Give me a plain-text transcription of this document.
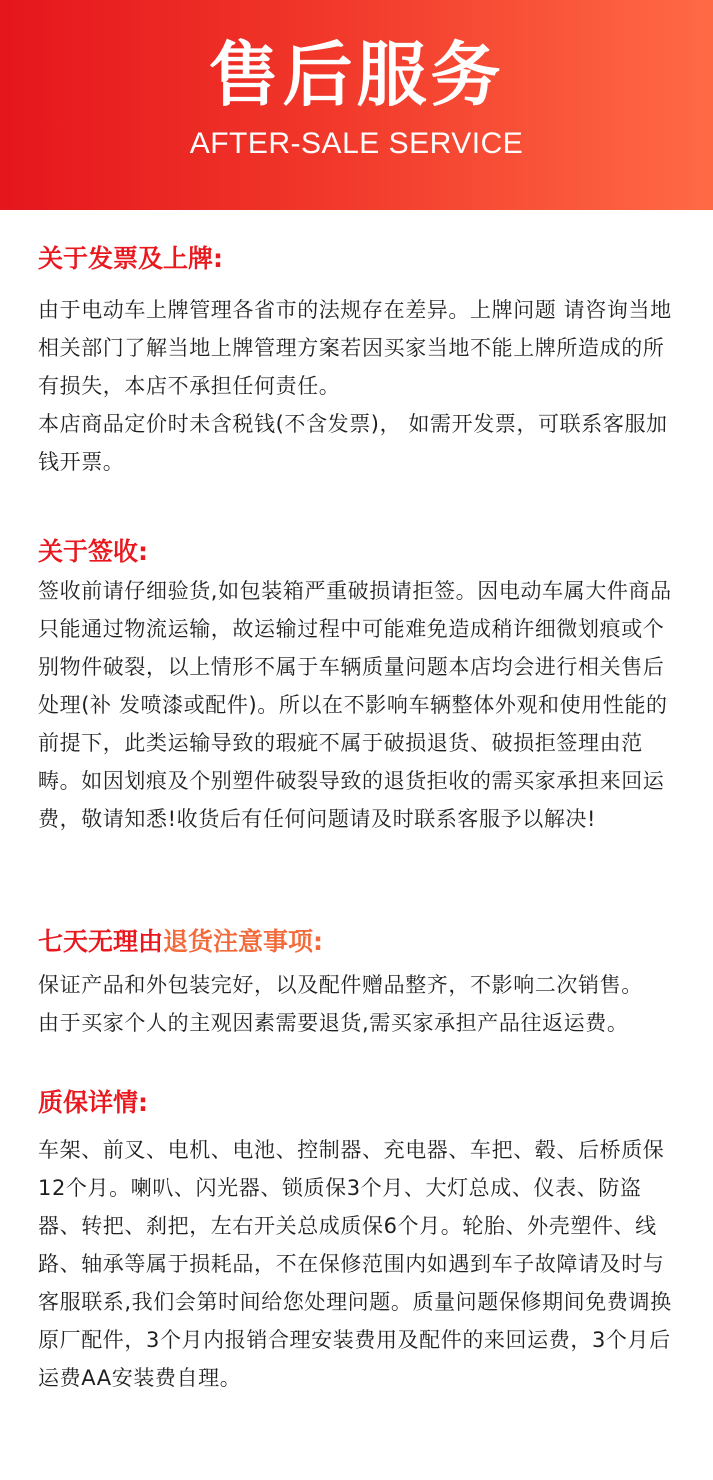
售后服务
AFTER-SALE SERVICE
关于发票及上牌:

由于电动车上牌管理各省市的法规存在差异。上牌问题 请咨询当地相关部门了解当地上牌管理方案若因买家当地不能上牌所造成的所有损失，本店不承担任何责任。

本店商品定价时未含税钱(不含发票)， 如需开发票，可联系客服加钱开票。

关于签收:

签收前请仔细验货,如包装箱严重破损请拒签。因电动车属大件商品只能通过物流运输，故运输过程中可能难免造成稍许细微划痕或个别物件破裂，以上情形不属于车辆质量问题本店均会进行相关售后处理(补 发喷漆或配件)。所以在不影响车辆整体外观和使用性能的前提下，此类运输导致的瑕疵不属于破损退货、破损拒签理由范畴。如因划痕及个别塑件破裂导致的退货拒收的需买家承担来回运费，敬请知悉!收货后有任何问题请及时联系客服予以解决!

七天无理由退货注意事项:

保证产品和外包装完好，以及配件赠品整齐，不影响二次销售。

由于买家个人的主观因素需要退货,需买家承担产品往返运费。

质保详情:

车架、前叉、电机、电池、控制器、充电器、车把、毂、后桥质保12个月。喇叭、闪光器、锁质保3个月、大灯总成、仪表、防盗器、转把、刹把，左右开关总成质保6个月。轮胎、外壳塑件、线路、轴承等属于损耗品，不在保修范围内如遇到车子故障请及时与客服联系,我们会第时间给您处理问题。质量问题保修期间免费调换原厂配件，3个月内报销合理安装费用及配件的来回运费，3个月后运费AA安装费自理。
